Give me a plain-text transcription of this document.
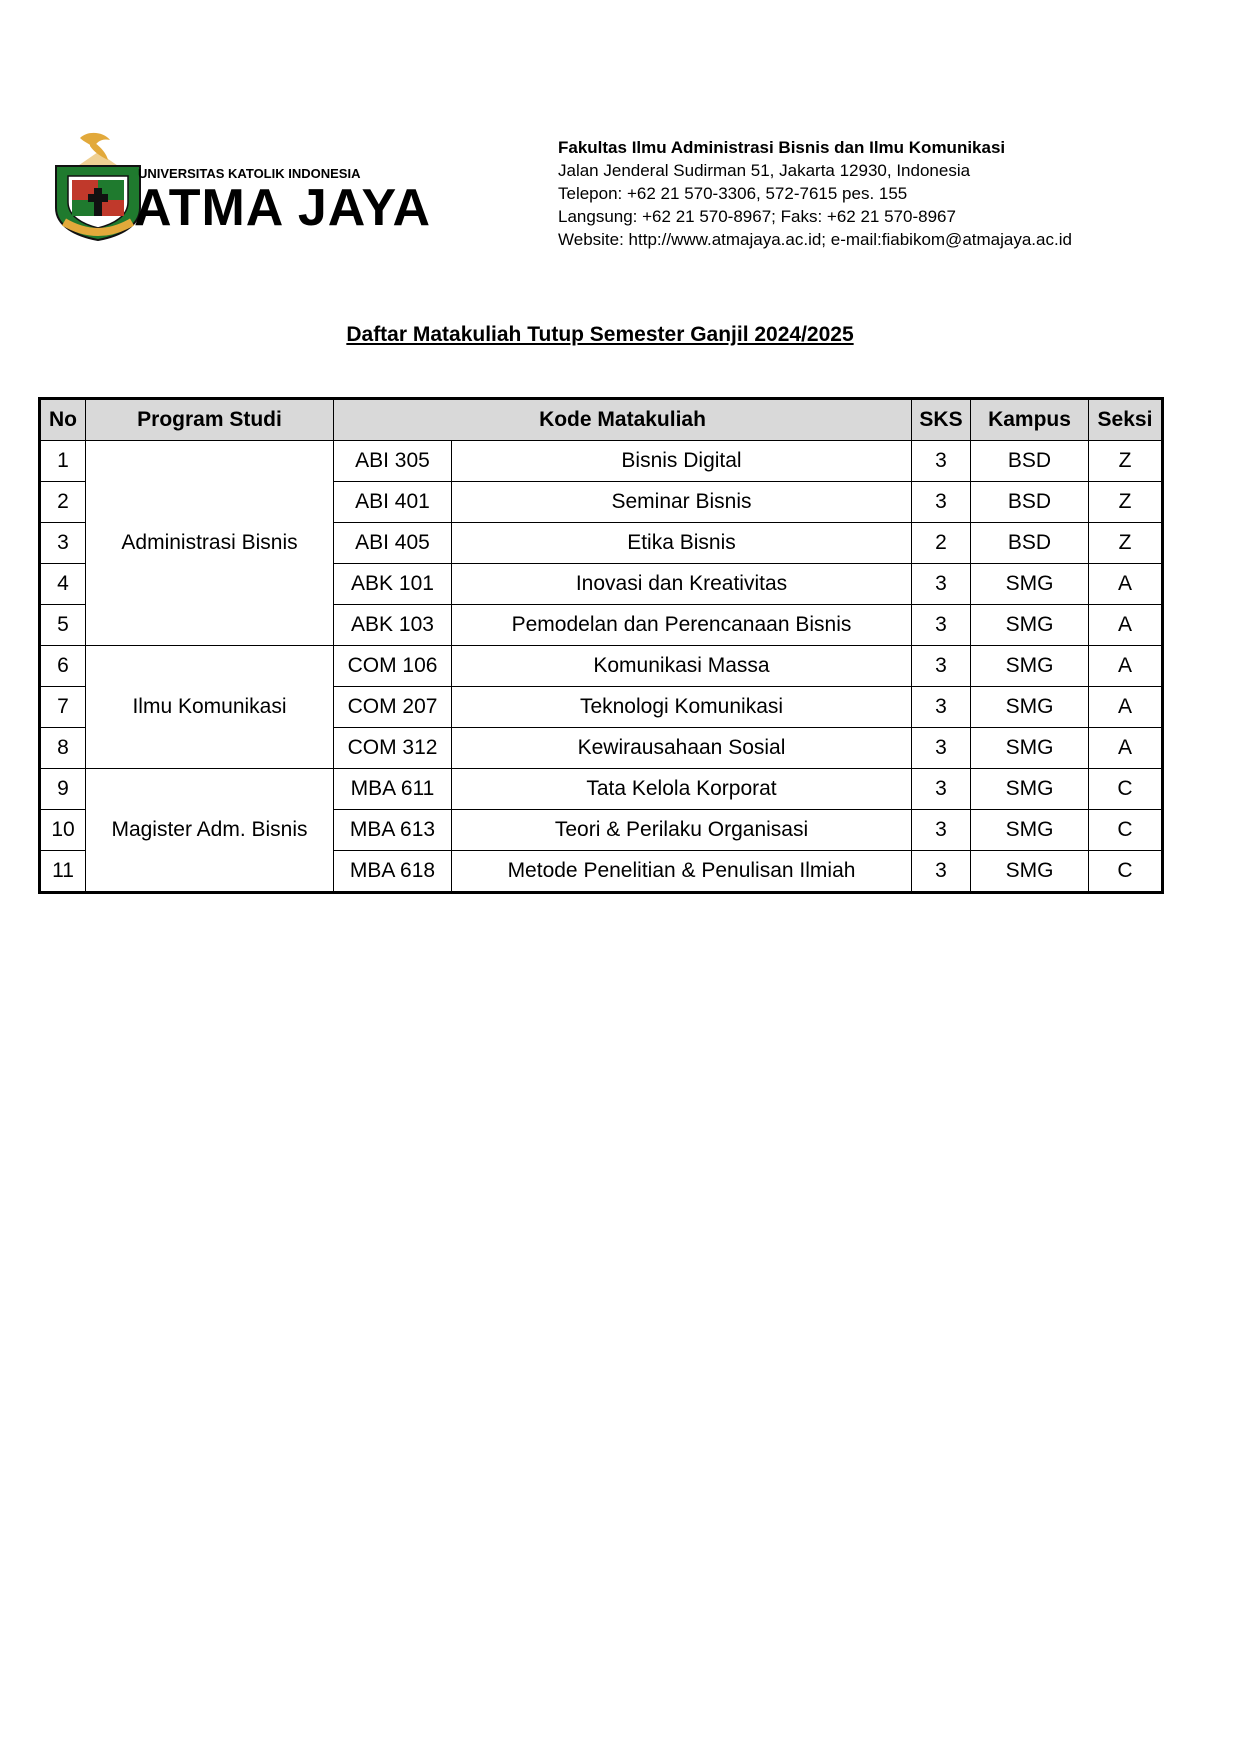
UNIVERSITAS KATOLIK INDONESIA
ATMA JAYA
Fakultas Ilmu Administrasi Bisnis dan Ilmu Komunikasi
Jalan Jenderal Sudirman 51, Jakarta 12930, Indonesia
Telepon: +62 21 570-3306, 572-7615 pes. 155
Langsung: +62 21 570-8967; Faks: +62 21 570-8967
Website: http://www.atmajaya.ac.id; e-mail:fiabikom@atmajaya.ac.id
Daftar Matakuliah Tutup Semester Ganjil 2024/2025
No	Program Studi	Kode Matakuliah		SKS	Kampus	Seksi
1	Administrasi Bisnis	ABI 305	Bisnis Digital	3	BSD	Z
2		ABI 401	Seminar Bisnis	3	BSD	Z
3		ABI 405	Etika Bisnis	2	BSD	Z
4		ABK 101	Inovasi dan Kreativitas	3	SMG	A
5		ABK 103	Pemodelan dan Perencanaan Bisnis	3	SMG	A
6	Ilmu Komunikasi	COM 106	Komunikasi Massa	3	SMG	A
7		COM 207	Teknologi Komunikasi	3	SMG	A
8		COM 312	Kewirausahaan Sosial	3	SMG	A
9	Magister Adm. Bisnis	MBA 611	Tata Kelola Korporat	3	SMG	C
10		MBA 613	Teori & Perilaku Organisasi	3	SMG	C
11		MBA 618	Metode Penelitian & Penulisan Ilmiah	3	SMG	C
